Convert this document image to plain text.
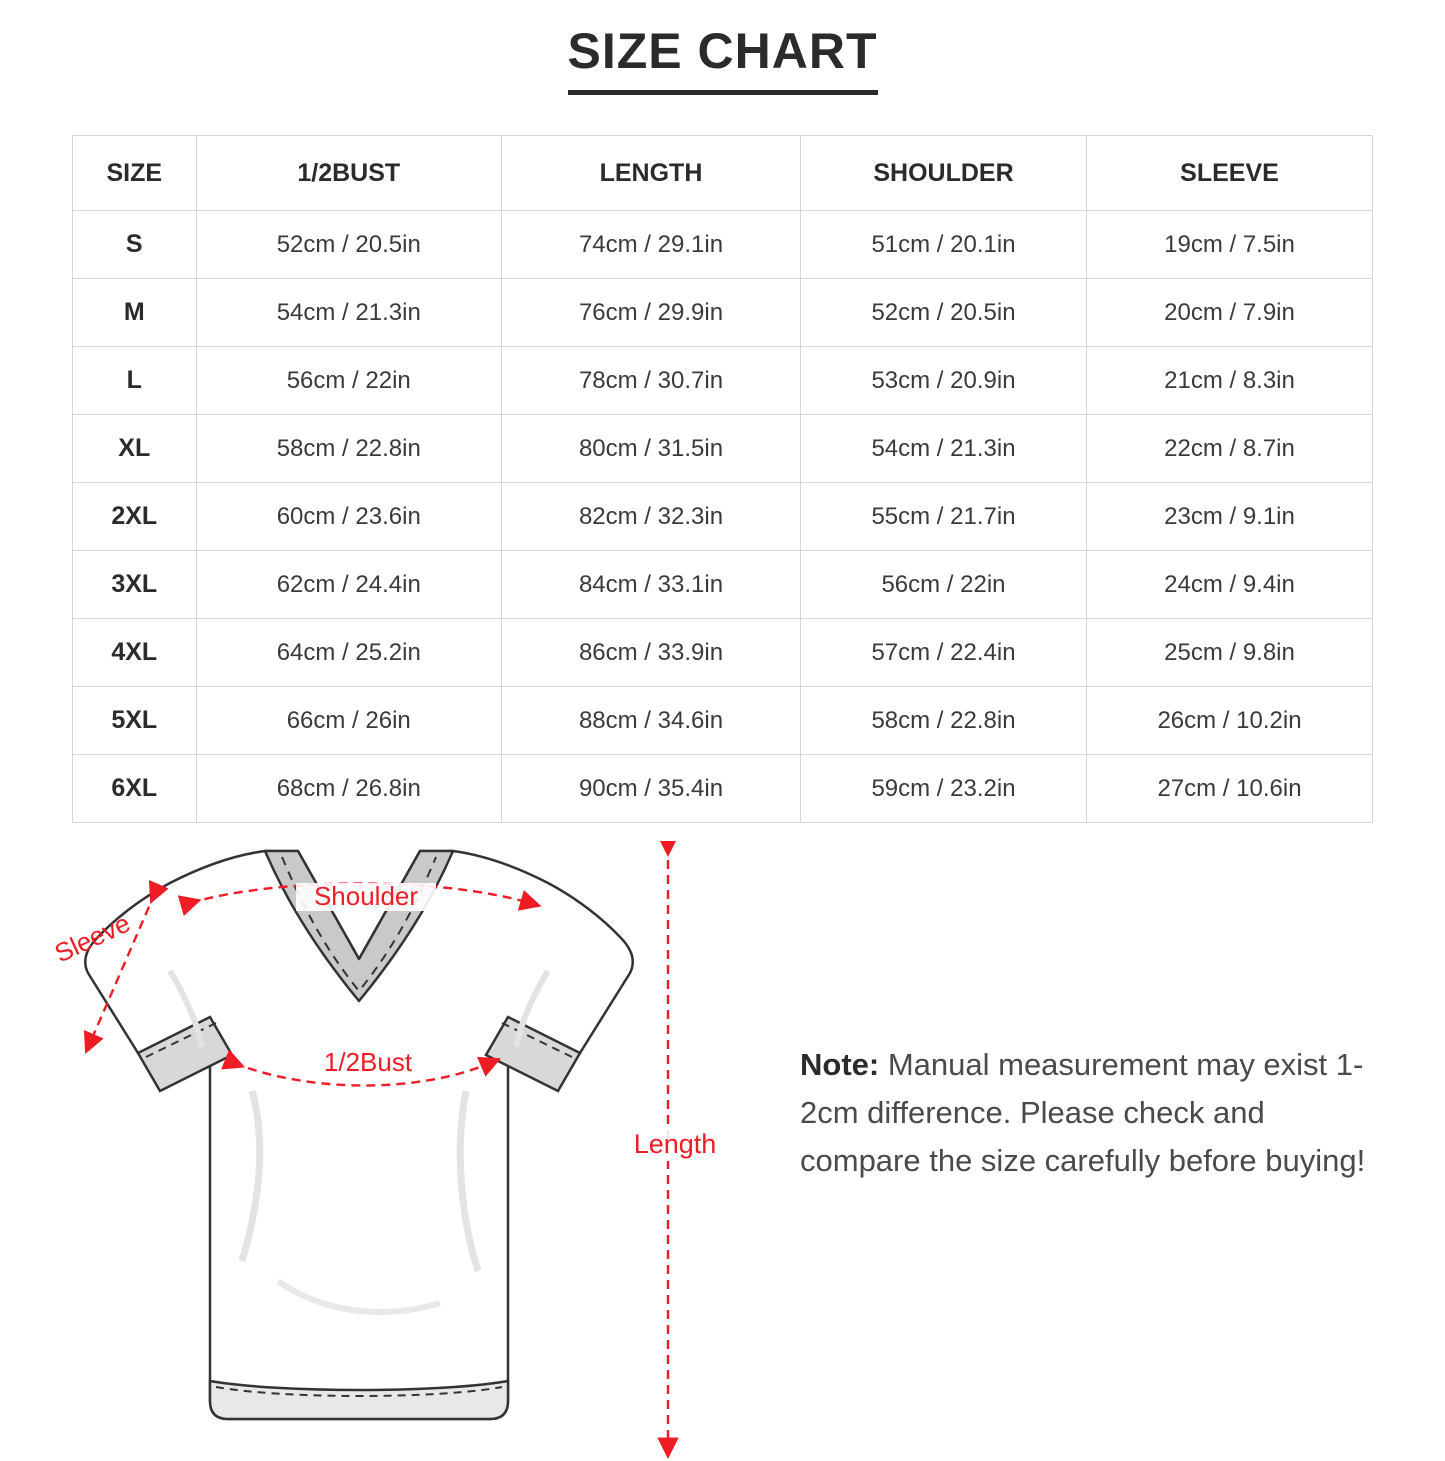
SIZE CHART
SIZE	1/2BUST	LENGTH	SHOULDER	SLEEVE
S	52cm / 20.5in	74cm / 29.1in	51cm / 20.1in	19cm / 7.5in
M	54cm / 21.3in	76cm / 29.9in	52cm / 20.5in	20cm / 7.9in
L	56cm / 22in	78cm / 30.7in	53cm / 20.9in	21cm / 8.3in
XL	58cm / 22.8in	80cm / 31.5in	54cm / 21.3in	22cm / 8.7in
2XL	60cm / 23.6in	82cm / 32.3in	55cm / 21.7in	23cm / 9.1in
3XL	62cm / 24.4in	84cm / 33.1in	56cm / 22in	24cm / 9.4in
4XL	64cm / 25.2in	86cm / 33.9in	57cm / 22.4in	25cm / 9.8in
5XL	66cm / 26in	88cm / 34.6in	58cm / 22.8in	26cm / 10.2in
6XL	68cm / 26.8in	90cm / 35.4in	59cm / 23.2in	27cm / 10.6in
Shoulder
Sleeve
1/2Bust
Length
Note: Manual measurement may exist 1-2cm difference. Please check and compare the size carefully before buying!
